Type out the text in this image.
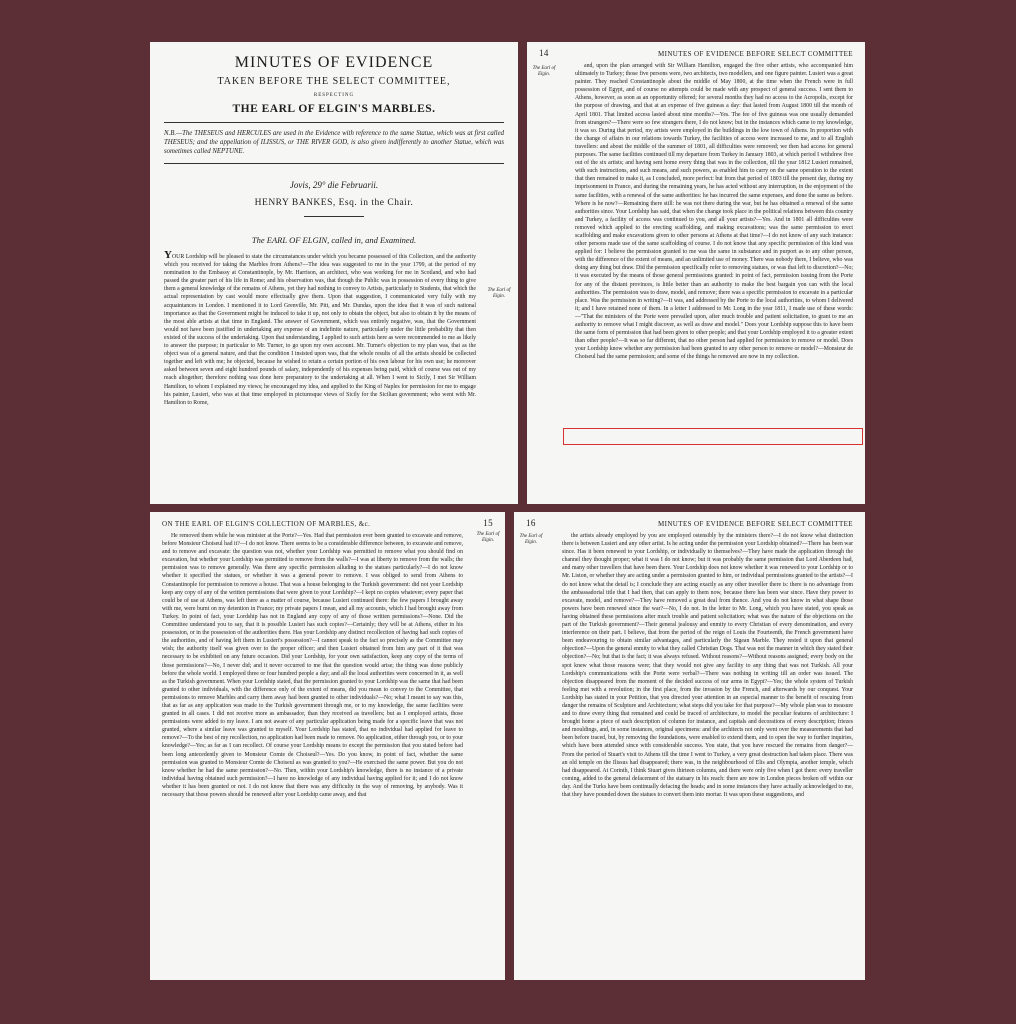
MINUTES OF EVIDENCE
TAKEN BEFORE THE SELECT COMMITTEE,
RESPECTING
THE EARL OF ELGIN'S MARBLES.
N.B.—The THESEUS and HERCULES are used in the Evidence with reference to the same Statue, which was at first called THESEUS; and the appellation of ILISSUS, or THE RIVER GOD, is also given indifferently to another Statue, which was sometimes called NEPTUNE.
Jovis, 29° die Februarii.
HENRY BANKES, Esq. in the Chair.
The EARL OF ELGIN, called in, and Examined.

YOUR Lordship will be pleased to state the circumstances under which you became possessed of this Collection, and the authority which you received for taking the Marbles from Athens?—The idea was suggested to me in the year 1799, at the period of my nomination to the Embassy at Constantinople, by Mr. Harrison, an architect, who was working for me in Scotland, and who had passed the greater part of his life in Rome; and his observation was, that though the Public was in possession of every thing to give them a general knowledge of the remains of Athens, yet they had nothing to convey to Artists, particularly to Students, that which the actual representation by cast would more effectually give them. Upon that suggestion, I communicated very fully with my acquaintances in London. I mentioned it to Lord Grenville, Mr. Pitt, and Mr. Dundas, upon the idea that it was of such national importance as that the Government might be induced to take it up, not only to obtain the object, but also to obtain it by the means of the most able artists at that time in England. The answer of Government, which was entirely negative, was, that the Government would not have been justified in undertaking any expense of an indefinite nature, particularly under the little probability that then existed of the success of the undertaking. Upon that understanding, I applied to such artists here as were recommended to me as likely to answer the purpose; in particular to Mr. Turner, to go upon my own account. Mr. Turner's objection to my plan was, that as the object was of a general nature, and that the condition I insisted upon was, that the whole results of all the artists should be collected together and left with me; he objected, because he wished to retain a certain portion of his own labour for his own use; he moreover asked between seven and eight hundred pounds of salary, independently of his expenses being paid, which of course was out of my reach altogether; therefore nothing was done here preparatory to the undertaking at all. When I went to Sicily, I met Sir William Hamilton, to whom I explained my views; he encouraged my idea, and applied to the King of Naples for permission for me to engage his painter, Lusieri, who was at that time employed in picturesque views of Sicily for the Sicilian government; who went with Mr. Hamilton to Rome,

The Earl of Elgin.
14	MINUTES OF EVIDENCE BEFORE SELECT COMMITTEE
The Earl of Elgin.

and, upon the plan arranged with Sir William Hamilton, engaged the five other artists, who accompanied him ultimately to Turkey; those five persons were, two architects, two modellers, and one figure painter. Lusieri was a great painter. They reached Constantinople about the middle of May 1800, at the time when the French were in full possession of Egypt, and of course no attempts could be made with any prospect of general success. I sent them to Athens, however, as soon as an opportunity offered; for several months they had no access to the Acropolis, except for the purpose of drawing, and that at an expense of five guineas a day: that lasted from August 1800 till the month of April 1801. That limited access lasted about nine months?—Yes. The fee of five guineas was one usually demanded from strangers?—There were so few strangers there, I do not know; but in the instances which came to my knowledge, it was so. During that period, my artists were employed in the buildings in the low town of Athens. In proportion with the change of affairs in our relations towards Turkey, the facilities of access were increased to me, and to all English travellers: and about the middle of the summer of 1801, all difficulties were removed; we then had access for general purposes. The same facilities continued till my departure from Turkey in January 1803, at which period I withdrew five out of the six artists; and having sent home every thing that was in the collection, till the year 1812 Lusieri remained, with such instructions, and such means, and such powers, as enabled him to carry on the same operation to the extent that then remained to make it, as I concluded, more perfect: but from that period of 1803 till the present day, during my imprisonment in France, and during the remaining years, he has acted without any interruption, in the enjoyment of the same facilities, with a renewal of the same authorities: he has incurred the same expenses, and done the same as before. Where is he now?—Remaining there still: he was not there during the war, but he has obtained a renewal of the same authorities since. Your Lordship has said, that when the change took place in the political relations between this country and Turkey, a facility of access was continued to you, and all your artists?—Yes. And in 1801 all difficulties were removed which applied to the erecting scaffolding, and making excavations; was the same permission to erect scaffolding and make excavations given to other persons at Athens at that time?—I do not know of any such instance: other persons made use of the same scaffolding of course. I do not know that any specific permission of this kind was applied for: I believe the permission granted to me was the same in substance and in purport as to any other person, with the difference of the extent of means, and an unlimited use of money. There was nobody there, I believe, who was doing any thing but draw. Did the permission specifically refer to removing statues, or was that left to discretion?—No; it was executed by the means of those general permissions granted: in point of fact, permission issuing from the Porte for any of the distant provinces, is little better than an authority to make the best bargain you can with the local authorities. The permission was to draw, model, and remove; there was a specific permission to excavate in a particular place. Was the permission in writing?—It was, and addressed by the Porte to the local authorities, to whom I delivered it; and I have retained none of them. In a letter I addressed to Mr. Long in the year 1811, I made use of these words:—"That the ministers of the Porte were prevailed upon, after much trouble and patient solicitation, to grant to me an authority to remove what I might discover, as well as draw and model." Does your Lordship suppose this to have been the same form of permission that had been given to other people; and that your Lordship employed it to a greater extent than other people?—It was so far different, that no other person had applied for permission to remove or model. Does your Lordship know whether any permission had been granted to any other person to remove or model?—Monsieur de Choiseul had the same permission; and some of the things he removed are now in my collection.

ON THE EARL OF ELGIN'S COLLECTION OF MARBLES, &c.	15
The Earl of Elgin.

He removed them while he was minister at the Porte?—Yes. Had that permission ever been granted to excavate and remove, before Monsieur Choiseul had it?—I do not know. There seems to be a considerable difference between, to excavate and remove, and to remove and excavate: the question was not, whether your Lordship was permitted to remove what you should find on excavation, but whether your Lordship was permitted to remove from the walls?—I was at liberty to remove from the walls; the permission was to remove generally. Was there any specific permission alluding to the statues particularly?—I do not know whether it specified the statues, or whether it was a general power to remove. I was obliged to send from Athens to Constantinople for permission to remove a house. That was a house belonging to the Turkish government: did not your Lordship keep any copy of any of the written permissions that were given to your Lordship?—I kept no copies whatever; every paper that could be of use at Athens, was left there as a matter of course, because Lusieri continued there: the few papers I brought away with me, were burnt on my detention in France; my private papers I mean, and all my accounts, which I had brought away from Turkey. In point of fact, your Lordship has not in England any copy of any of those written permissions?—None. Did the Committee understand you to say, that it is possible Lusieri has such copies?—Certainly; they will be at Athens, either in his possession, or in the possession of the authorities there. Has your Lordship any distinct recollection of having had such copies of the authorities, and of having left them in Lusieri's possession?—I cannot speak to the fact so precisely as the Committee may wish; the authority itself was given over to the proper officer; and then Lusieri obtained from him any part of it that was necessary to be exhibited on any future occasion. Did your Lordship, for your own satisfaction, keep any copy of the terms of those permissions?—No, I never did; and it never occurred to me that the question would arise; the thing was done publicly before the whole world. I employed three or four hundred people a day; and all the local authorities were concerned in it, as well as the Turkish government. When your Lordship stated, that the permission granted to your Lordship was the same that had been granted to other individuals, with the difference only of the extent of means, did you mean to convey to the Committee, that permissions to remove Marbles and carry them away had been granted to other individuals?—No; what I meant to say was this, that as far as any application was made to the Turkish government through me, or to my knowledge, the same facilities were granted in all cases. I did not receive more as ambassador, than they received as travellers; but as I employed artists, those permissions were added to my leave. I am not aware of any particular application being made for a specific leave that was not granted, where a similar leave was granted to myself. Your Lordship has stated, that no individual had applied for leave to remove?—To the best of my recollection, no application had been made to remove. No application, either through you, or to your knowledge?—Yes; as far as I can recollect. Of course your Lordship means to except the permission that you stated before had been long antecedently given to Monsieur Comte de Choiseul?—Yes. Do you know, in point of fact, whether the same permission was granted to Monsieur Comte de Choiseul as was granted to you?—He exercised the same power. But you do not know whether he had the same permission?—No. Then, within your Lordship's knowledge, there is no instance of a private individual having obtained such permission?—I have no knowledge of any individual having applied for it; and I do not know whether it has been granted or not. I do not know that there was any difficulty in the way of removing, by anybody. Was it necessary that those powers should be renewed after your Lordship came away, and that

16	MINUTES OF EVIDENCE BEFORE SELECT COMMITTEE
The Earl of Elgin.

the artists already employed by you are employed ostensibly by the ministers there?—I do not know what distinction there is between Lusieri and any other artist. Is he acting under the permission your Lordship obtained?—There has been war since. Has it been renewed to your Lordship, or individually to themselves?—They have made the application through the channel they thought proper; what it was I do not know; but it was probably the same permission that Lord Aberdeen had, and many other travellers that have been there. Your Lordship does not know whether it was renewed to your Lordship or to Mr. Liston, or whether they are acting under a permission granted to him, or individual permissions granted to the artists?—I do not know what the detail is; I conclude they are acting exactly as any other traveller there is: there is no advantage from the ambassadorial title that I had then, that can apply to them now, because there has been war since. Have they power to excavate, model, and remove?—They have removed a great deal from thence. And you do not know in what shape those powers have been renewed since the war?—No, I do not. In the letter to Mr. Long, which you have stated, you speak as having obtained these permissions after much trouble and patient solicitation; what was the nature of the objections on the part of the Turkish government?—Their general jealousy and enmity to every Christian of every denomination, and every interference on their part. I believe, that from the period of the reign of Louis the Fourteenth, the French government have been endeavouring to obtain similar advantages, and particularly the Sigean Marble. They rested it upon that general objection?—Upon the general enmity to what they called Christian Dogs. That was not the manner in which they stated their objection?—No; but that is the fact; it was always refused. Without reasons?—Without reasons assigned; every body on the spot knew what those reasons were; that they would not give any facility to any thing that was not Turkish. All your Lordship's communications with the Porte were verbal?—There was nothing in writing till an order was issued. The objection disappeared from the moment of the decided success of our arms in Egypt?—Yes; the whole system of Turkish feeling met with a revolution; in the first place, from the invasion by the French, and afterwards by our conquest. Your Lordship has stated in your Petition, that you directed your attention in an especial manner to the benefit of rescuing from danger the remains of Sculpture and Architecture; what steps did you take for that purpose?—My whole plan was to measure and to draw every thing that remained and could be traced of architecture, to model the peculiar features of architecture: I brought home a piece of each description of column for instance, and capitals and decorations of every description; friezes and mouldings, and, in some instances, original specimens: and the architects not only went over the measurements that had been before traced, but, by removing the foundations, were enabled to extend them, and to open the way to further inquiries, which have been attended since with considerable success. You state, that you have rescued the remains from danger?—From the period of Stuart's visit to Athens till the time I went to Turkey, a very great destruction had taken place. There was an old temple on the Ilissus had disappeared; there was, in the neighbourhood of Elis and Olympia, another temple, which had disappeared. At Corinth, I think Stuart gives thirteen columns, and there were only five when I got there: every traveller coming, added to the general defacement of the statuary in his reach: there are now in London pieces broken off within our day. And the Turks have been continually defacing the heads; and in some instances they have actually acknowledged to me, that they have pounded down the statues to convert them into mortar. It was upon these suggestions, and
